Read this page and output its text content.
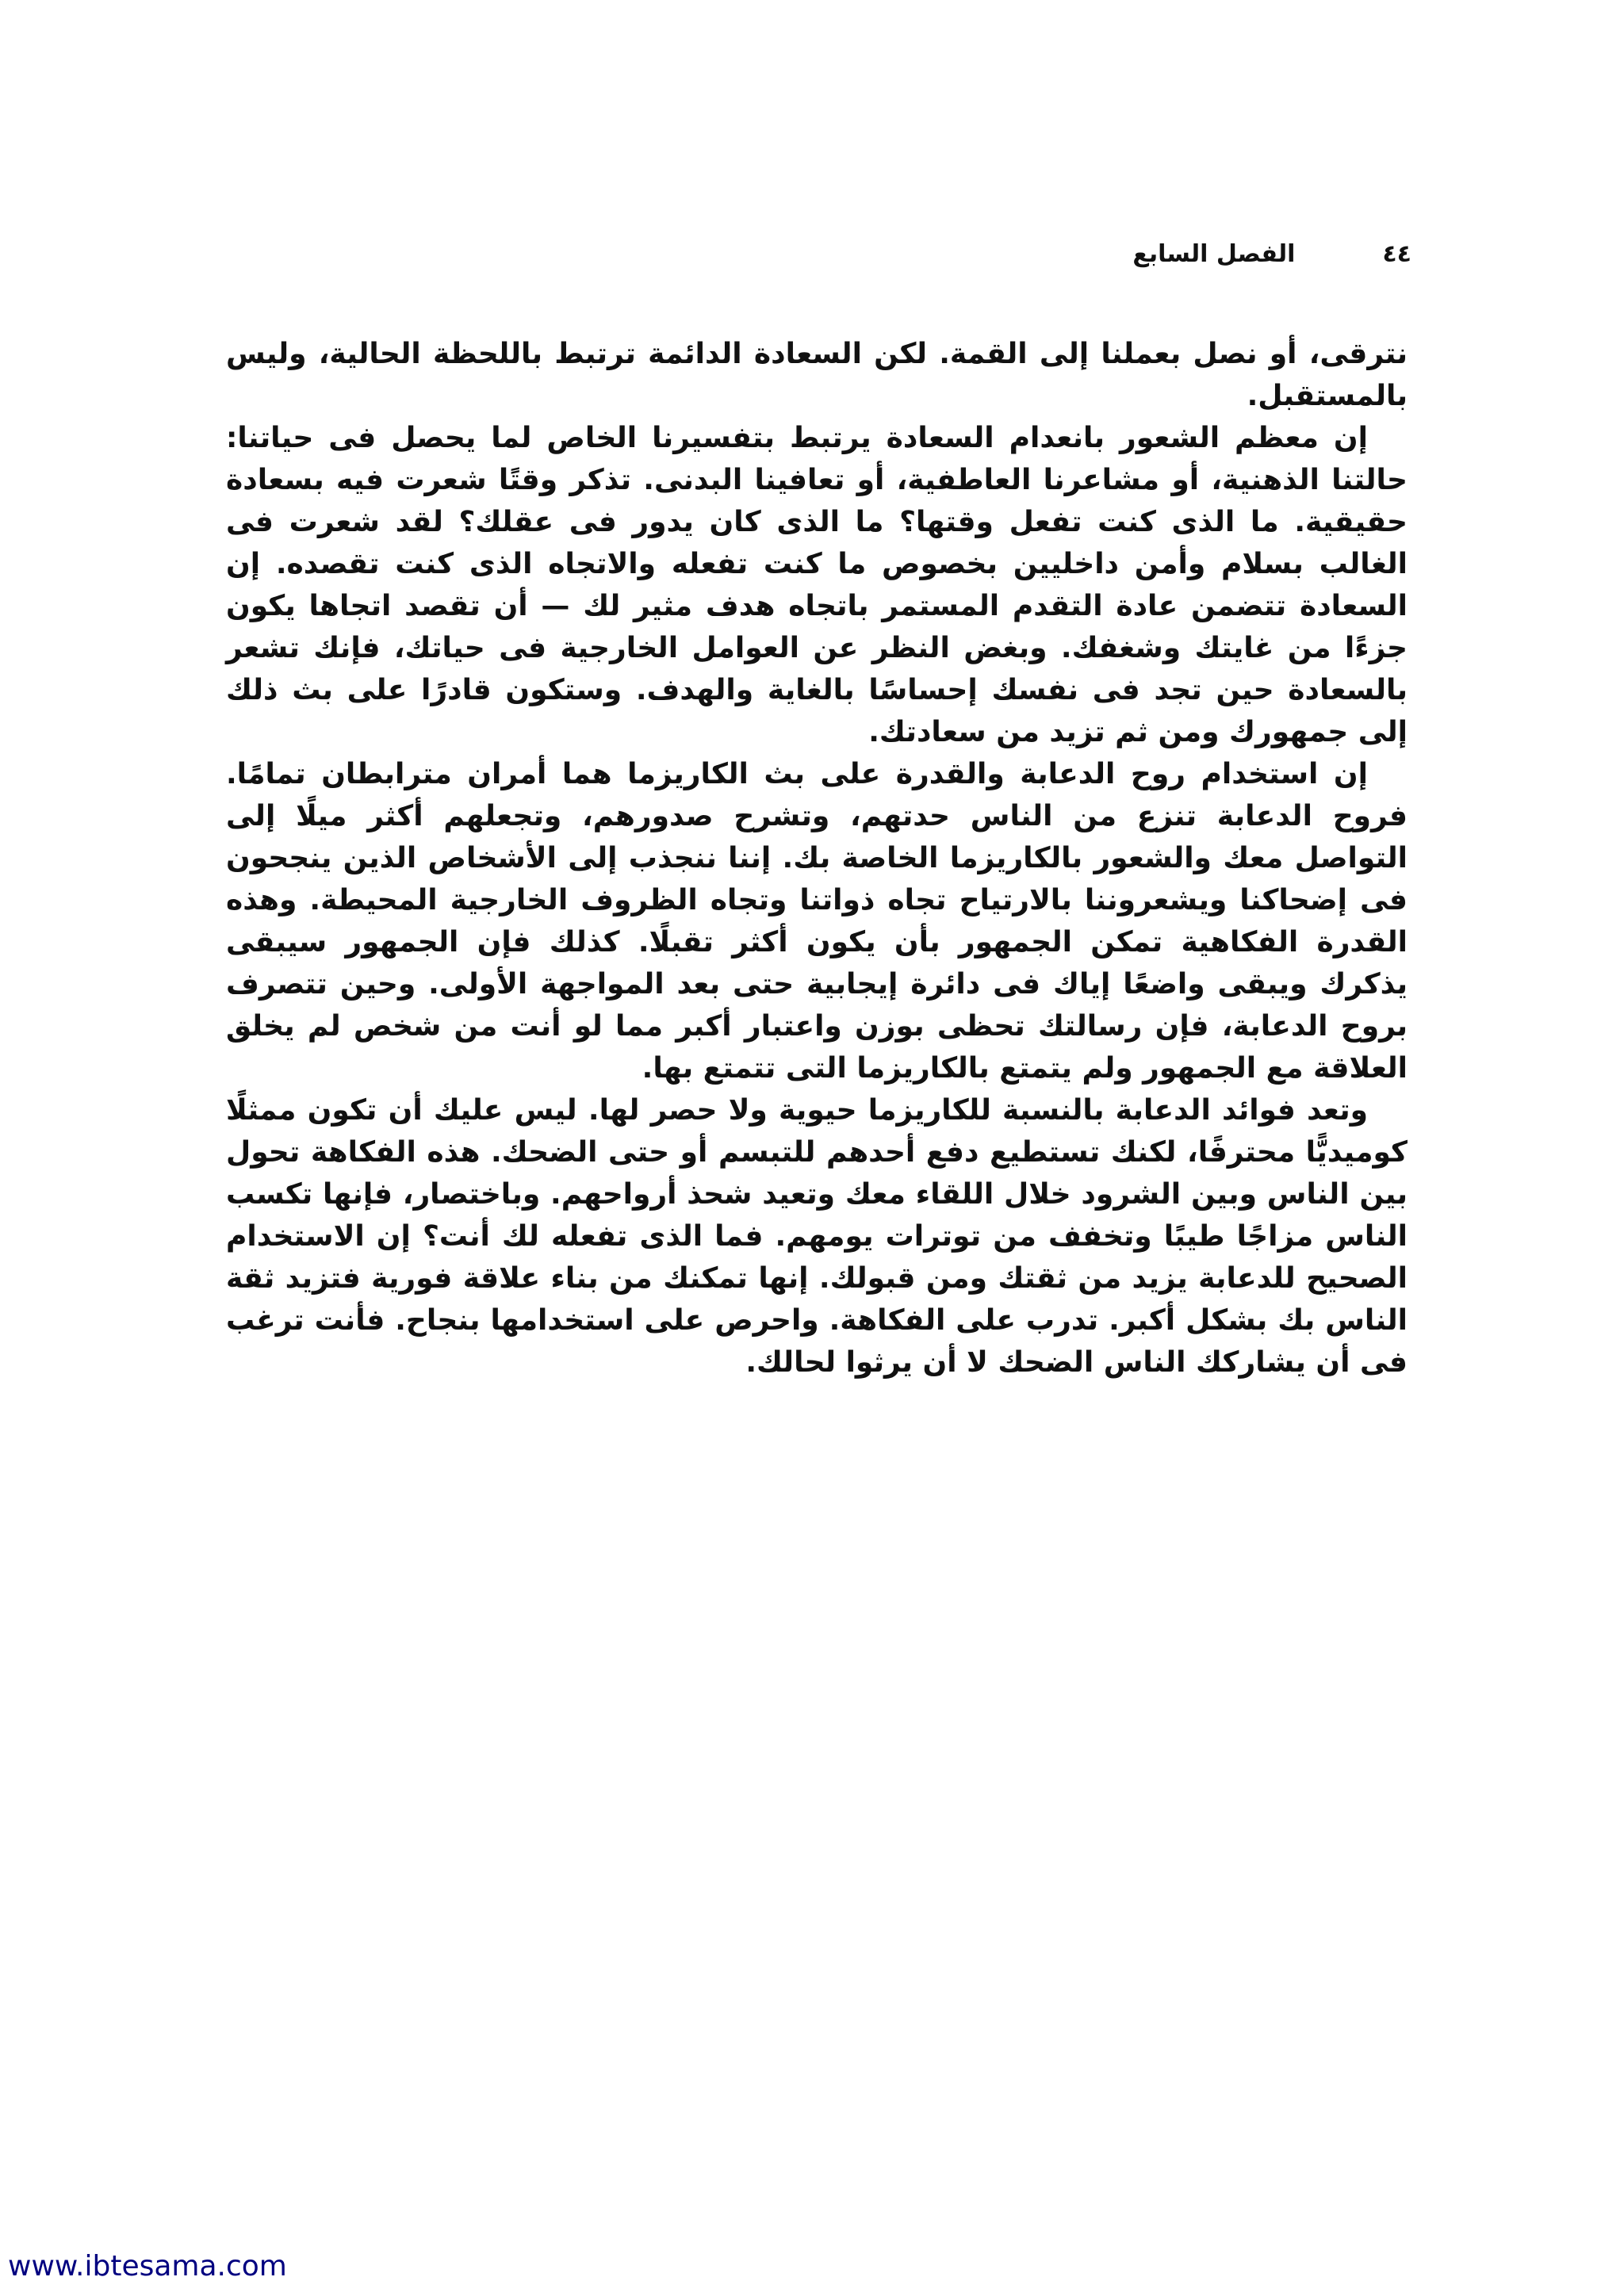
٤٤
الفصل السابع

نترقى، أو نصل بعملنا إلى القمة. لكن السعادة الدائمة ترتبط باللحظة الحالية، وليس بالمستقبل.

إن معظم الشعور بانعدام السعادة يرتبط بتفسيرنا الخاص لما يحصل فى حياتنا: حالتنا الذهنية، أو مشاعرنا العاطفية، أو تعافينا البدنى. تذكر وقتًا شعرت فيه بسعادة حقيقية. ما الذى كنت تفعل وقتها؟ ما الذى كان يدور فى عقلك؟ لقد شعرت فى الغالب بسلام وأمن داخليين بخصوص ما كنت تفعله والاتجاه الذى كنت تقصده. إن السعادة تتضمن عادة التقدم المستمر باتجاه هدف مثير لك — أن تقصد اتجاها يكون جزءًا من غايتك وشغفك. وبغض النظر عن العوامل الخارجية فى حياتك، فإنك تشعر بالسعادة حين تجد فى نفسك إحساسًا بالغاية والهدف. وستكون قادرًا على بث ذلك إلى جمهورك ومن ثم تزيد من سعادتك.

إن استخدام روح الدعابة والقدرة على بث الكاريزما هما أمران مترابطان تمامًا. فروح الدعابة تنزع من الناس حدتهم، وتشرح صدورهم، وتجعلهم أكثر ميلًا إلى التواصل معك والشعور بالكاريزما الخاصة بك. إننا ننجذب إلى الأشخاص الذين ينجحون فى إضحاكنا ويشعروننا بالارتياح تجاه ذواتنا وتجاه الظروف الخارجية المحيطة. وهذه القدرة الفكاهية تمكن الجمهور بأن يكون أكثر تقبلًا. كذلك فإن الجمهور سيبقى يذكرك ويبقى واضعًا إياك فى دائرة إيجابية حتى بعد المواجهة الأولى. وحين تتصرف بروح الدعابة، فإن رسالتك تحظى بوزن واعتبار أكبر مما لو أنت من شخص لم يخلق العلاقة مع الجمهور ولم يتمتع بالكاريزما التى تتمتع بها.

وتعد فوائد الدعابة بالنسبة للكاريزما حيوية ولا حصر لها. ليس عليك أن تكون ممثلًا كوميديًّا محترفًا، لكنك تستطيع دفع أحدهم للتبسم أو حتى الضحك. هذه الفكاهة تحول بين الناس وبين الشرود خلال اللقاء معك وتعيد شحذ أرواحهم. وباختصار، فإنها تكسب الناس مزاجًا طيبًا وتخفف من توترات يومهم. فما الذى تفعله لك أنت؟ إن الاستخدام الصحيح للدعابة يزيد من ثقتك ومن قبولك. إنها تمكنك من بناء علاقة فورية فتزيد ثقة الناس بك بشكل أكبر. تدرب على الفكاهة. واحرص على استخدامها بنجاح. فأنت ترغب فى أن يشاركك الناس الضحك لا أن يرثوا لحالك.

www.ibtesama.com
